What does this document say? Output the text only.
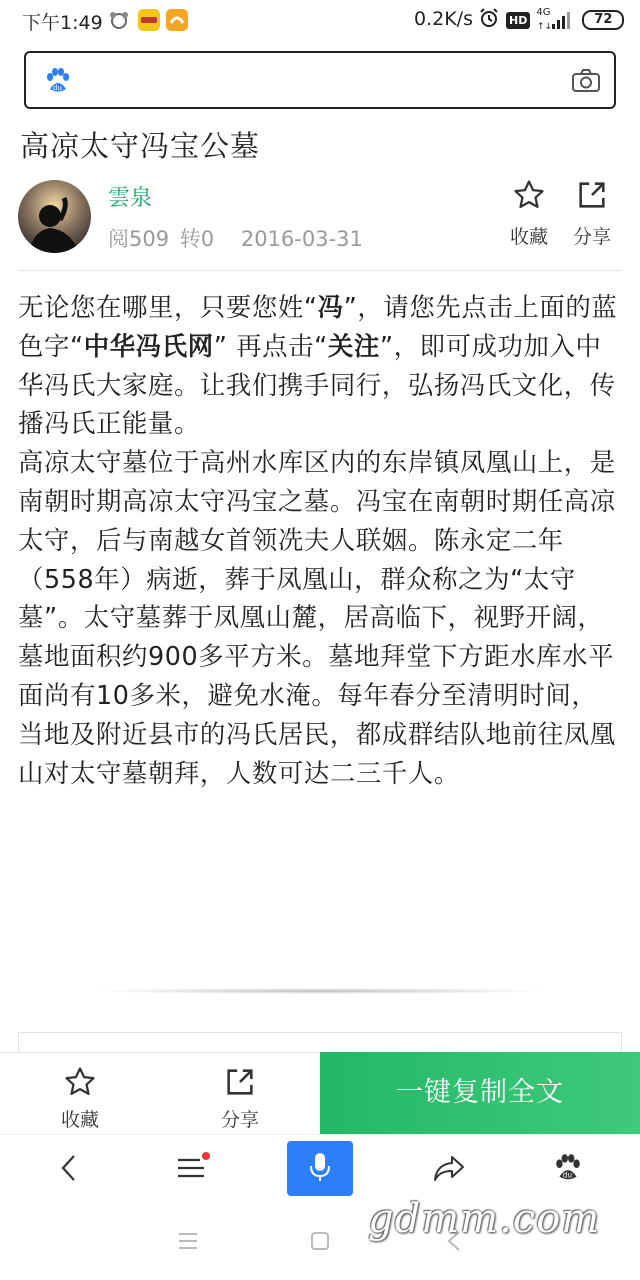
下午1:49	0.2K/s	HD
4G
↑↓	72
du
高凉太守冯宝公墓
雲泉
阅509 转0 2016-03-31	收藏	分享

无论您在哪里，只要您姓“冯”，请您先点击上面的蓝色字“中华冯氏网” 再点击“关注”，即可成功加入中华冯氏大家庭。让我们携手同行，弘扬冯氏文化，传播冯氏正能量。

高凉太守墓位于高州水库区内的东岸镇凤凰山上，是南朝时期高凉太守冯宝之墓。冯宝在南朝时期任高凉太守，后与南越女首领冼夫人联姻。陈永定二年（558年）病逝，葬于凤凰山，群众称之为“太守墓”。太守墓葬于凤凰山麓，居高临下，视野开阔，墓地面积约900多平方米。墓地拜堂下方距水库水平面尚有10多米，避免水淹。每年春分至清明时间，当地及附近县市的冯氏居民，都成群结队地前往凤凰山对太守墓朝拜，人数可达二三千人。

收藏	分享
一键复制全文
du
gdmm.com
